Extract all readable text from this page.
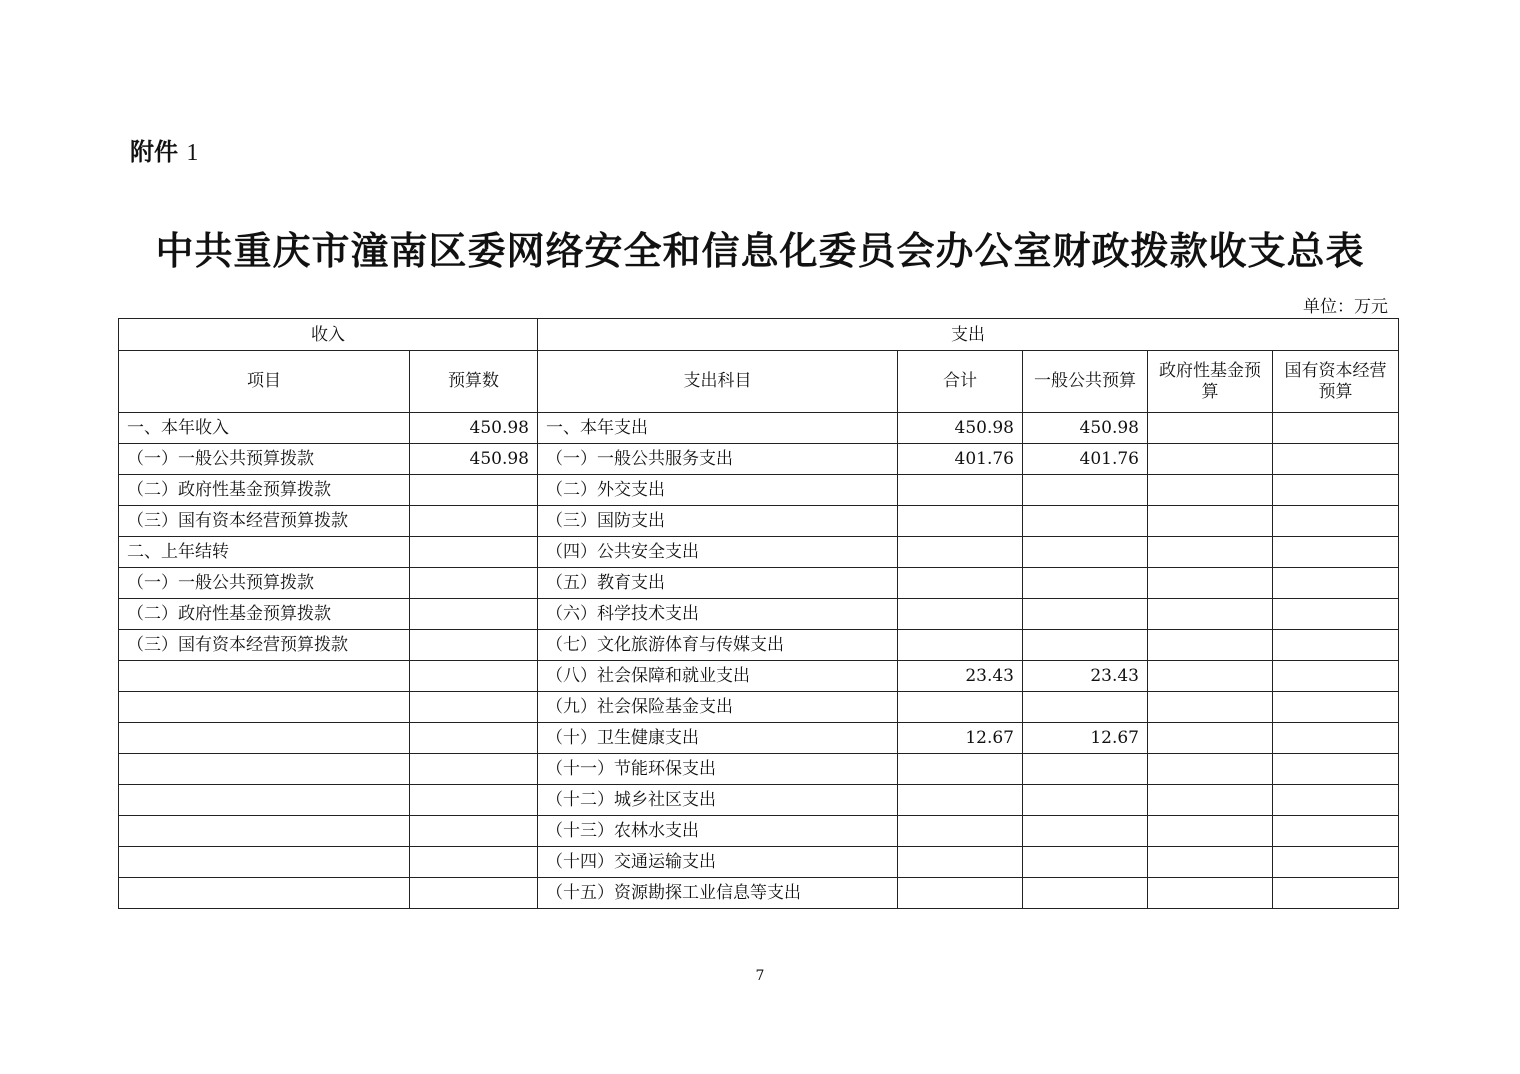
附件 1
中共重庆市潼南区委网络安全和信息化委员会办公室财政拨款收支总表
单位：万元
收入		支出				
项目	预算数	支出科目	合计	一般公共预算	政府性基金预算	国有资本经营预算
一、本年收入	450.98	一、本年支出	450.98	450.98		
（一）一般公共预算拨款	450.98	（一）一般公共服务支出	401.76	401.76		
（二）政府性基金预算拨款		（二）外交支出				
（三）国有资本经营预算拨款		（三）国防支出				
二、上年结转		（四）公共安全支出				
（一）一般公共预算拨款		（五）教育支出				
（二）政府性基金预算拨款		（六）科学技术支出				
（三）国有资本经营预算拨款		（七）文化旅游体育与传媒支出				
		（八）社会保障和就业支出	23.43	23.43		
		（九）社会保险基金支出				
		（十）卫生健康支出	12.67	12.67		
		（十一）节能环保支出				
		（十二）城乡社区支出				
		（十三）农林水支出				
		（十四）交通运输支出				
		（十五）资源勘探工业信息等支出				
7
